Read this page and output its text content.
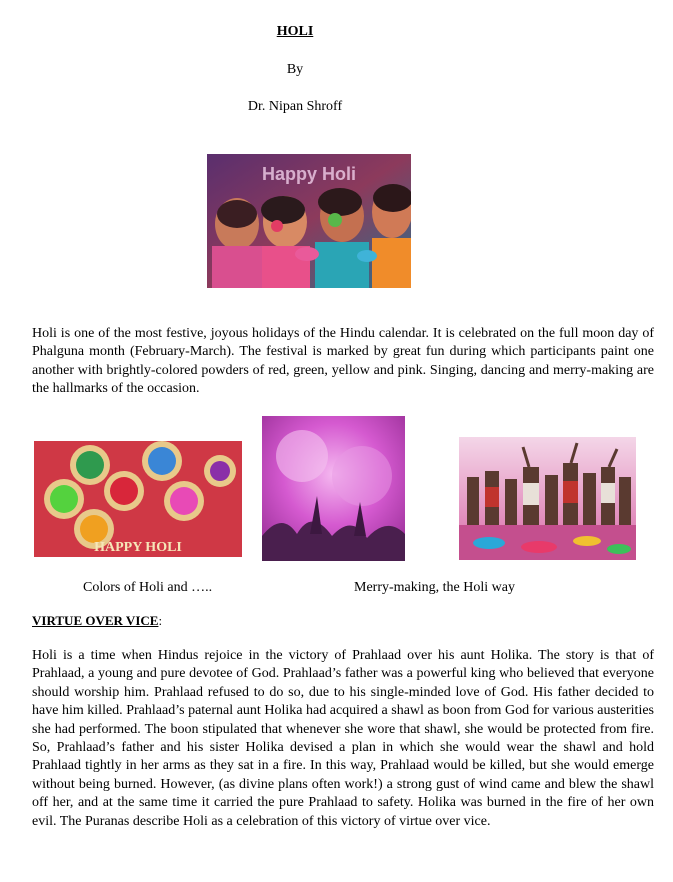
HOLI
By
Dr. Nipan Shroff
Happy Holi
Holi is one of the most festive, joyous holidays of the Hindu calendar. It is celebrated on the full moon day of Phalguna month (February-March). The festival is marked by great fun during which participants paint one another with brightly-colored powders of red, green, yellow and pink. Singing, dancing and merry-making are the hallmarks of the occasion.
HAPPY HOLI
Colors of Holi and …..	Merry-making, the Holi way
VIRTUE OVER VICE:
Holi is a time when Hindus rejoice in the victory of Prahlaad over his aunt Holika. The story is that of Prahlaad, a young and pure devotee of God. Prahlaad’s father was a powerful king who believed that everyone should worship him. Prahlaad refused to do so, due to his single-minded love of God. His father decided to have him killed. Prahlaad’s paternal aunt Holika had acquired a shawl as boon from God for various austerities she had performed. The boon stipulated that whenever she wore that shawl, she would be protected from fire. So, Prahlaad’s father and his sister Holika devised a plan in which she would wear the shawl and hold Prahlaad tightly in her arms as they sat in a fire. In this way, Prahlaad would be killed, but she would emerge without being burned. However, (as divine plans often work!) a strong gust of wind came and blew the shawl off her, and at the same time it carried the pure Prahlaad to safety. Holika was burned in the fire of her own evil. The Puranas describe Holi as a celebration of this victory of virtue over vice.
